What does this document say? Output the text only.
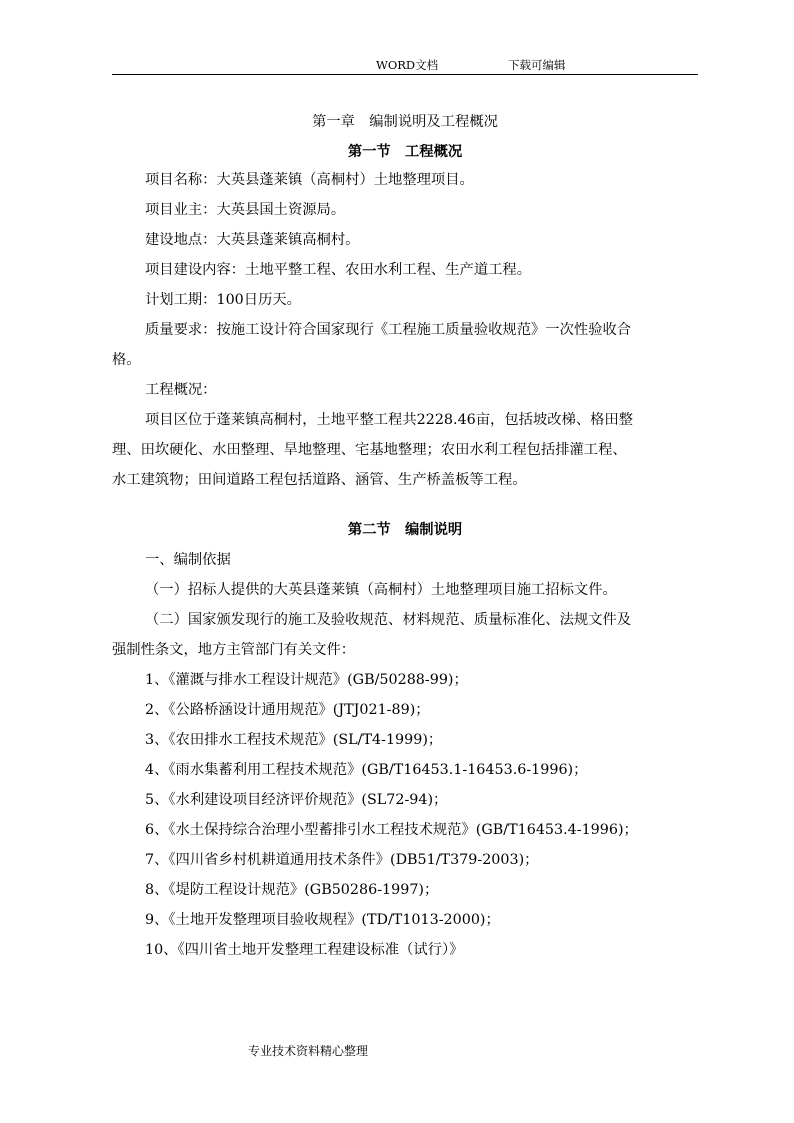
WORD文档	下载可编辑
第一章　编制说明及工程概况
第一节　工程概况
项目名称：大英县蓬莱镇（高桐村）土地整理项目。
项目业主：大英县国土资源局。
建设地点：大英县蓬莱镇高桐村。
项目建设内容：土地平整工程、农田水利工程、生产道工程。
计划工期：100日历天。
质量要求：按施工设计符合国家现行《工程施工质量验收规范》一次性验收合
格。
工程概况：
项目区位于蓬莱镇高桐村，土地平整工程共2228.46亩，包括坡改梯、格田整
理、田坎硬化、水田整理、旱地整理、宅基地整理；农田水利工程包括排灌工程、
水工建筑物；田间道路工程包括道路、涵管、生产桥盖板等工程。
第二节　编制说明
一、编制依据
（一）招标人提供的大英县蓬莱镇（高桐村）土地整理项目施工招标文件。
（二）国家颁发现行的施工及验收规范、材料规范、质量标准化、法规文件及
强制性条文，地方主管部门有关文件：
1、《灌溉与排水工程设计规范》(GB/50288-99)；
2、《公路桥涵设计通用规范》(JTJ021-89)；
3、《农田排水工程技术规范》(SL/T4-1999)；
4、《雨水集蓄利用工程技术规范》(GB/T16453.1-16453.6-1996)；
5、《水利建设项目经济评价规范》(SL72-94)；
6、《水土保持综合治理小型蓄排引水工程技术规范》(GB/T16453.4-1996)；
7、《四川省乡村机耕道通用技术条件》(DB51/T379-2003)；
8、《堤防工程设计规范》(GB50286-1997)；
9、《土地开发整理项目验收规程》(TD/T1013-2000)；
10、《四川省土地开发整理工程建设标准（试行）》
专业技术资料精心整理
